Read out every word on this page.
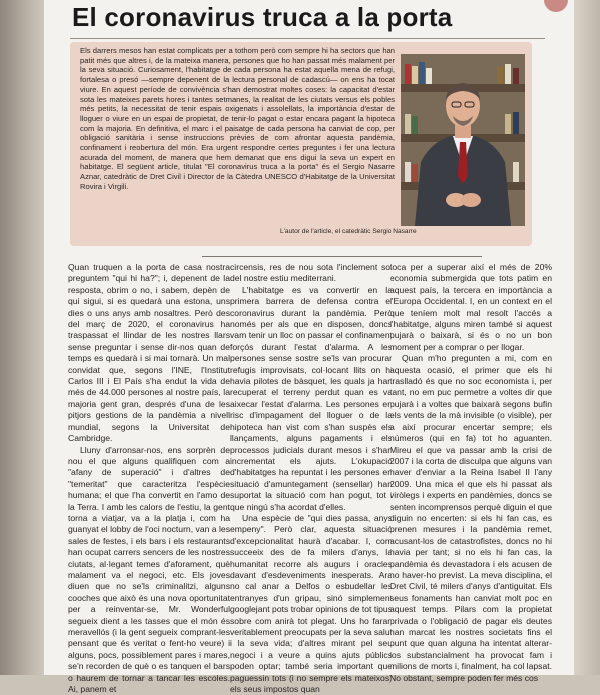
El coronavirus truca a la porta
Els darrers mesos han estat complicats per a tothom però com sempre hi ha sectors que han patit més que altres i, de la mateixa manera, persones que ho han passat més malament per la seva situació. Curiosament, l'habitatge de cada persona ha estat aquella mena de refugi, fortalesa o presó —sempre depenent de la lectura personal de cadascú— on ens ha tocat viure. En aquest període de convivència s'han demostrat moltes coses: la capacitat d'estar sota les mateixes parets hores i tantes setmanes, la realitat de les ciutats versus els pobles més petits, la necessitat de tenir espais oxigenats i assolellats, la importància d'estar de lloguer o viure en un espai de propietat, de tenir-lo pagat o estar encara pagant la hipoteca com la majoria. En definitiva, el marc i el paisatge de cada persona ha canviat de cop, per obligació sanitària i sense instruccions prèvies de com afrontar aquesta pandèmia, confinament i reobertura del món. Era urgent respondre certes preguntes i fer una lectura acurada del moment, de manera que hem demanat que ens digui la seva un expert en habitatge. El següent article, titulat "El coronavirus truca a la porta" és el Sergio Nasarre Aznar, catedràtic de Dret Civil i Director de la Càtedra UNESCO d'Habitatge de la Universitat Rovira i Virgili.
L'autor de l'article, el catedràtic Sergio Nasarre

Quan truquen a la porta de casa nostra preguntem "qui hi ha?"; i, depenent de la resposta, obrim o no, i sabem, depèn de qui sigui, si es quedarà una estona, uns dies o uns anys amb nosaltres. Però des del març de 2020, el coronavirus ha traspassat el llindar de les nostres llars sense preguntar i sense dir-nos quan de temps es quedarà i si mai tornarà. Un mal convidat que, segons l'INE, l'Institut Carlos III i El País s'ha endut la vida de més de 44.000 persones al nostre país, la majoria gent gran, després d'una de les pitjors gestions de la pandèmia a nivell mundial, segons la Universitat de Cambridge.

Lluny d'arronsar-nos, ens sorprèn de nou el que alguns qualifiquen com a "afany de superació" i d'altres de "temeritat" que caracteritza l'espècie humana; el que l'ha convertit en l'amo de la Terra. I amb les calors de l'estiu, la gent torna a viatjar, va a la platja i, com ha guanyat el lobby de l'oci nocturn, van a les sales de festes, i els bars i els restaurants han ocupat carrers sencers de les nostres ciutats, al·legant temes d'aforament, què malament va el negoci, etc. Els joves diuen que no se'ls criminalitzi, alguns cooches que això és una nova oportunitat per a reinventar-se, Mr. Wonderful segueix dient a les tasses que el món és meravellós (i la gent segueix comprant-les pensant que és veritat o fent-ho veure) i alguns, pocs, possiblement pares i mares, se'n recorden de què o es tanquen el bars o haurem de tornar a tancar les escoles. Ai, panem et

circensis, res de nou sota l'inclement sol del nostre estiu mediterrani.

L'habitatge es va convertir en la primera barrera de defensa contra el coronavirus durant la pandèmia. Però només per als que en disposen, doncs vam tenir un lloc on passar el confinament forçós durant l'estat d'alarma. A les persones sense sostre se'ls van procurar refugis improvisats, col·locant llits on hi havia pilotes de bàsquet, les quals ja han recuperat el terreny perdut quan es va aixecar l'estat d'alarma. Les persones en risc d'impagament del lloguer o de la hipoteca han vist com s'han suspès els llançaments, alguns pagaments i els processos judicials durant mesos i s'han incrementat els ajuts. L'okupació d'habitatges ha repuntat i les persones en situació d'amuntegament (sensellar) han suportat la situació com han pogut, tot i que ningú s'ha acordat d'elles.

Una espècie de "qui dies passa, anys empeny". Però clar, aquesta situació d'excepcionalitat haurà d'acabar. I, com succeeix des de fa milers d'anys, la humanitat recorre als augurs i oracles davant d'esdeveniments inesperats. Ara no cal anar a Delfos o esbudellar les entranyes d'un gripau, sinó simplement googlejant pots trobar opinions de tot tipus sobre com anirà tot plegat. Uns ho faran veritablement preocupats per la seva salut i la seva vida; d'altres mirant pel seu negoci i a veure a quins ajuts públics poden optar; també seria important que paguessin tots (i no sempre els mateixos) els seus impostos quan

toca per a superar així el més de 20% economia submergida que tots patim en aquest país, la tercera en importància a l'Europa Occidental. I, en un context en el que teníem molt mal resolt l'accés a l'habitatge, alguns miren també si aquest pujarà o baixarà, si és o no un bon moment per a comprar o per llogar.

Quan m'ho pregunten a mi, com en aquesta ocasió, el primer que els hi traslladó és que no soc economista i, per tant, no em puc permetre a voltes dir que pujarà i a voltes que baixarà segons bufin els vents de la mà invisible (o visible), per a així procurar encertar sempre; els números (qui en fa) tot ho aguanten. Mireu el que va passar amb la crisi de 2007 i la corta de disculpa que alguns van haver d'enviar a la Reina Isabel II l'any 2009. Una mica el que els hi passat als viròlegs i experts en pandèmies, doncs se senten incomprensos perquè diguin el que diguin no encerten: si els hi fan cas, es prenen mesures i la pandèmia remet, acusant-los de catastrofistes, doncs no hi havia per tant; si no els hi fan cas, la pandèmia és devastadora i els acusen de no haver-ho previst. La meva disciplina, el Dret Civil, té milers d'anys d'antiguitat. Els seus fonaments han canviat molt poc en aquest temps. Pilars com la propietat privada o l'obligació de pagar els deutes han marcat les nostres societats fins el punt que quan alguna ha intentat alterar-los substancialment ha provocat fam i milions de morts i, finalment, ha col lapsat. No obstant, sempre poden fer més cos
